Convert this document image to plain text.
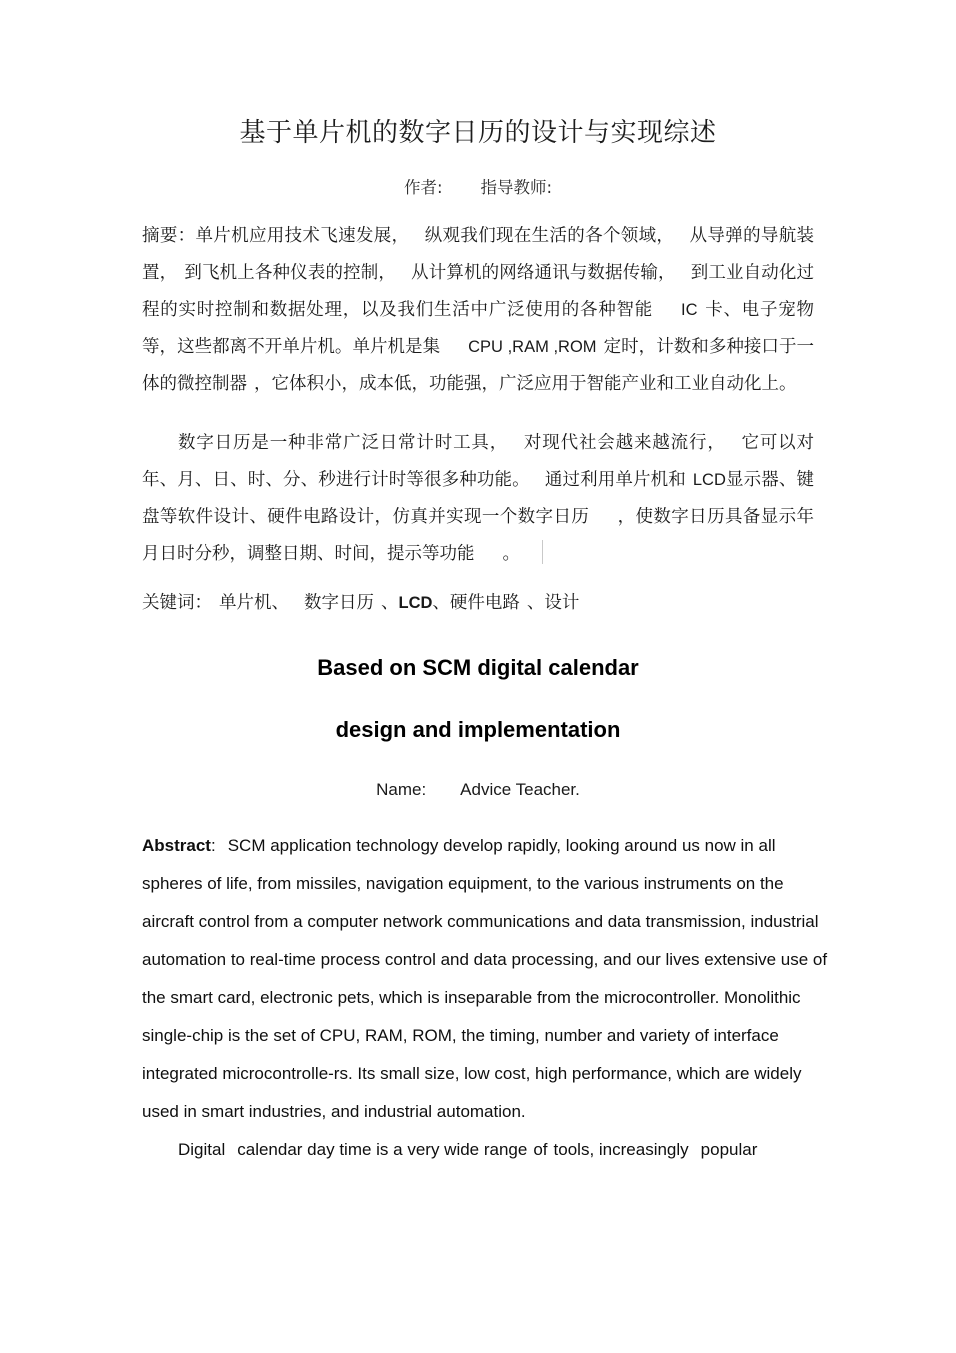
基于单片机的数字日历的设计与实现综述

作者: 指导教师:

摘要：单片机应用技术飞速发展， 纵观我们现在生活的各个领域， 从导弹的导航装置， 到飞机上各种仪表的控制， 从计算机的网络通讯与数据传输， 到工业自动化过程的实时控制和数据处理，以及我们生活中广泛使用的各种智能 IC 卡、电子宠物等，这些都离不开单片机。单片机是集 CPU ,RAM ,ROM 定时，计数和多种接口于一体的微控制器 ，它体积小，成本低，功能强，广泛应用于智能产业和工业自动化上。

数字日历是一种非常广泛日常计时工具， 对现代社会越来越流行， 它可以对年、月、日、时、分、秒进行计时等很多种功能。 通过利用单片机和 LCD显示器、键盘等软件设计、硬件电路设计，仿真并实现一个数字日历 ，使数字日历具备显示年月日时分秒，调整日期、时间，提示等功能 。

关键词： 单片机、 数字日历 、LCD、硬件电路 、设计

Based on SCM digital calendar
design and implementation

Name: Advice Teacher.

Abstract: SCM application technology develop rapidly, looking around us now in all spheres of life, from missiles, navigation equipment, to the various instruments on the aircraft control from a computer network communications and data transmission, industrial automation to real-time process control and data processing, and our lives extensive use of the smart card, electronic pets, which is inseparable from the microcontroller. Monolithic single-chip is the set of CPU, RAM, ROM, the timing, number and variety of interface integrated microcontrolle-rs. Its small size, low cost, high performance, which are widely used in smart industries, and industrial automation.

Digital calendar day time is a very wide range of tools, increasingly popular
